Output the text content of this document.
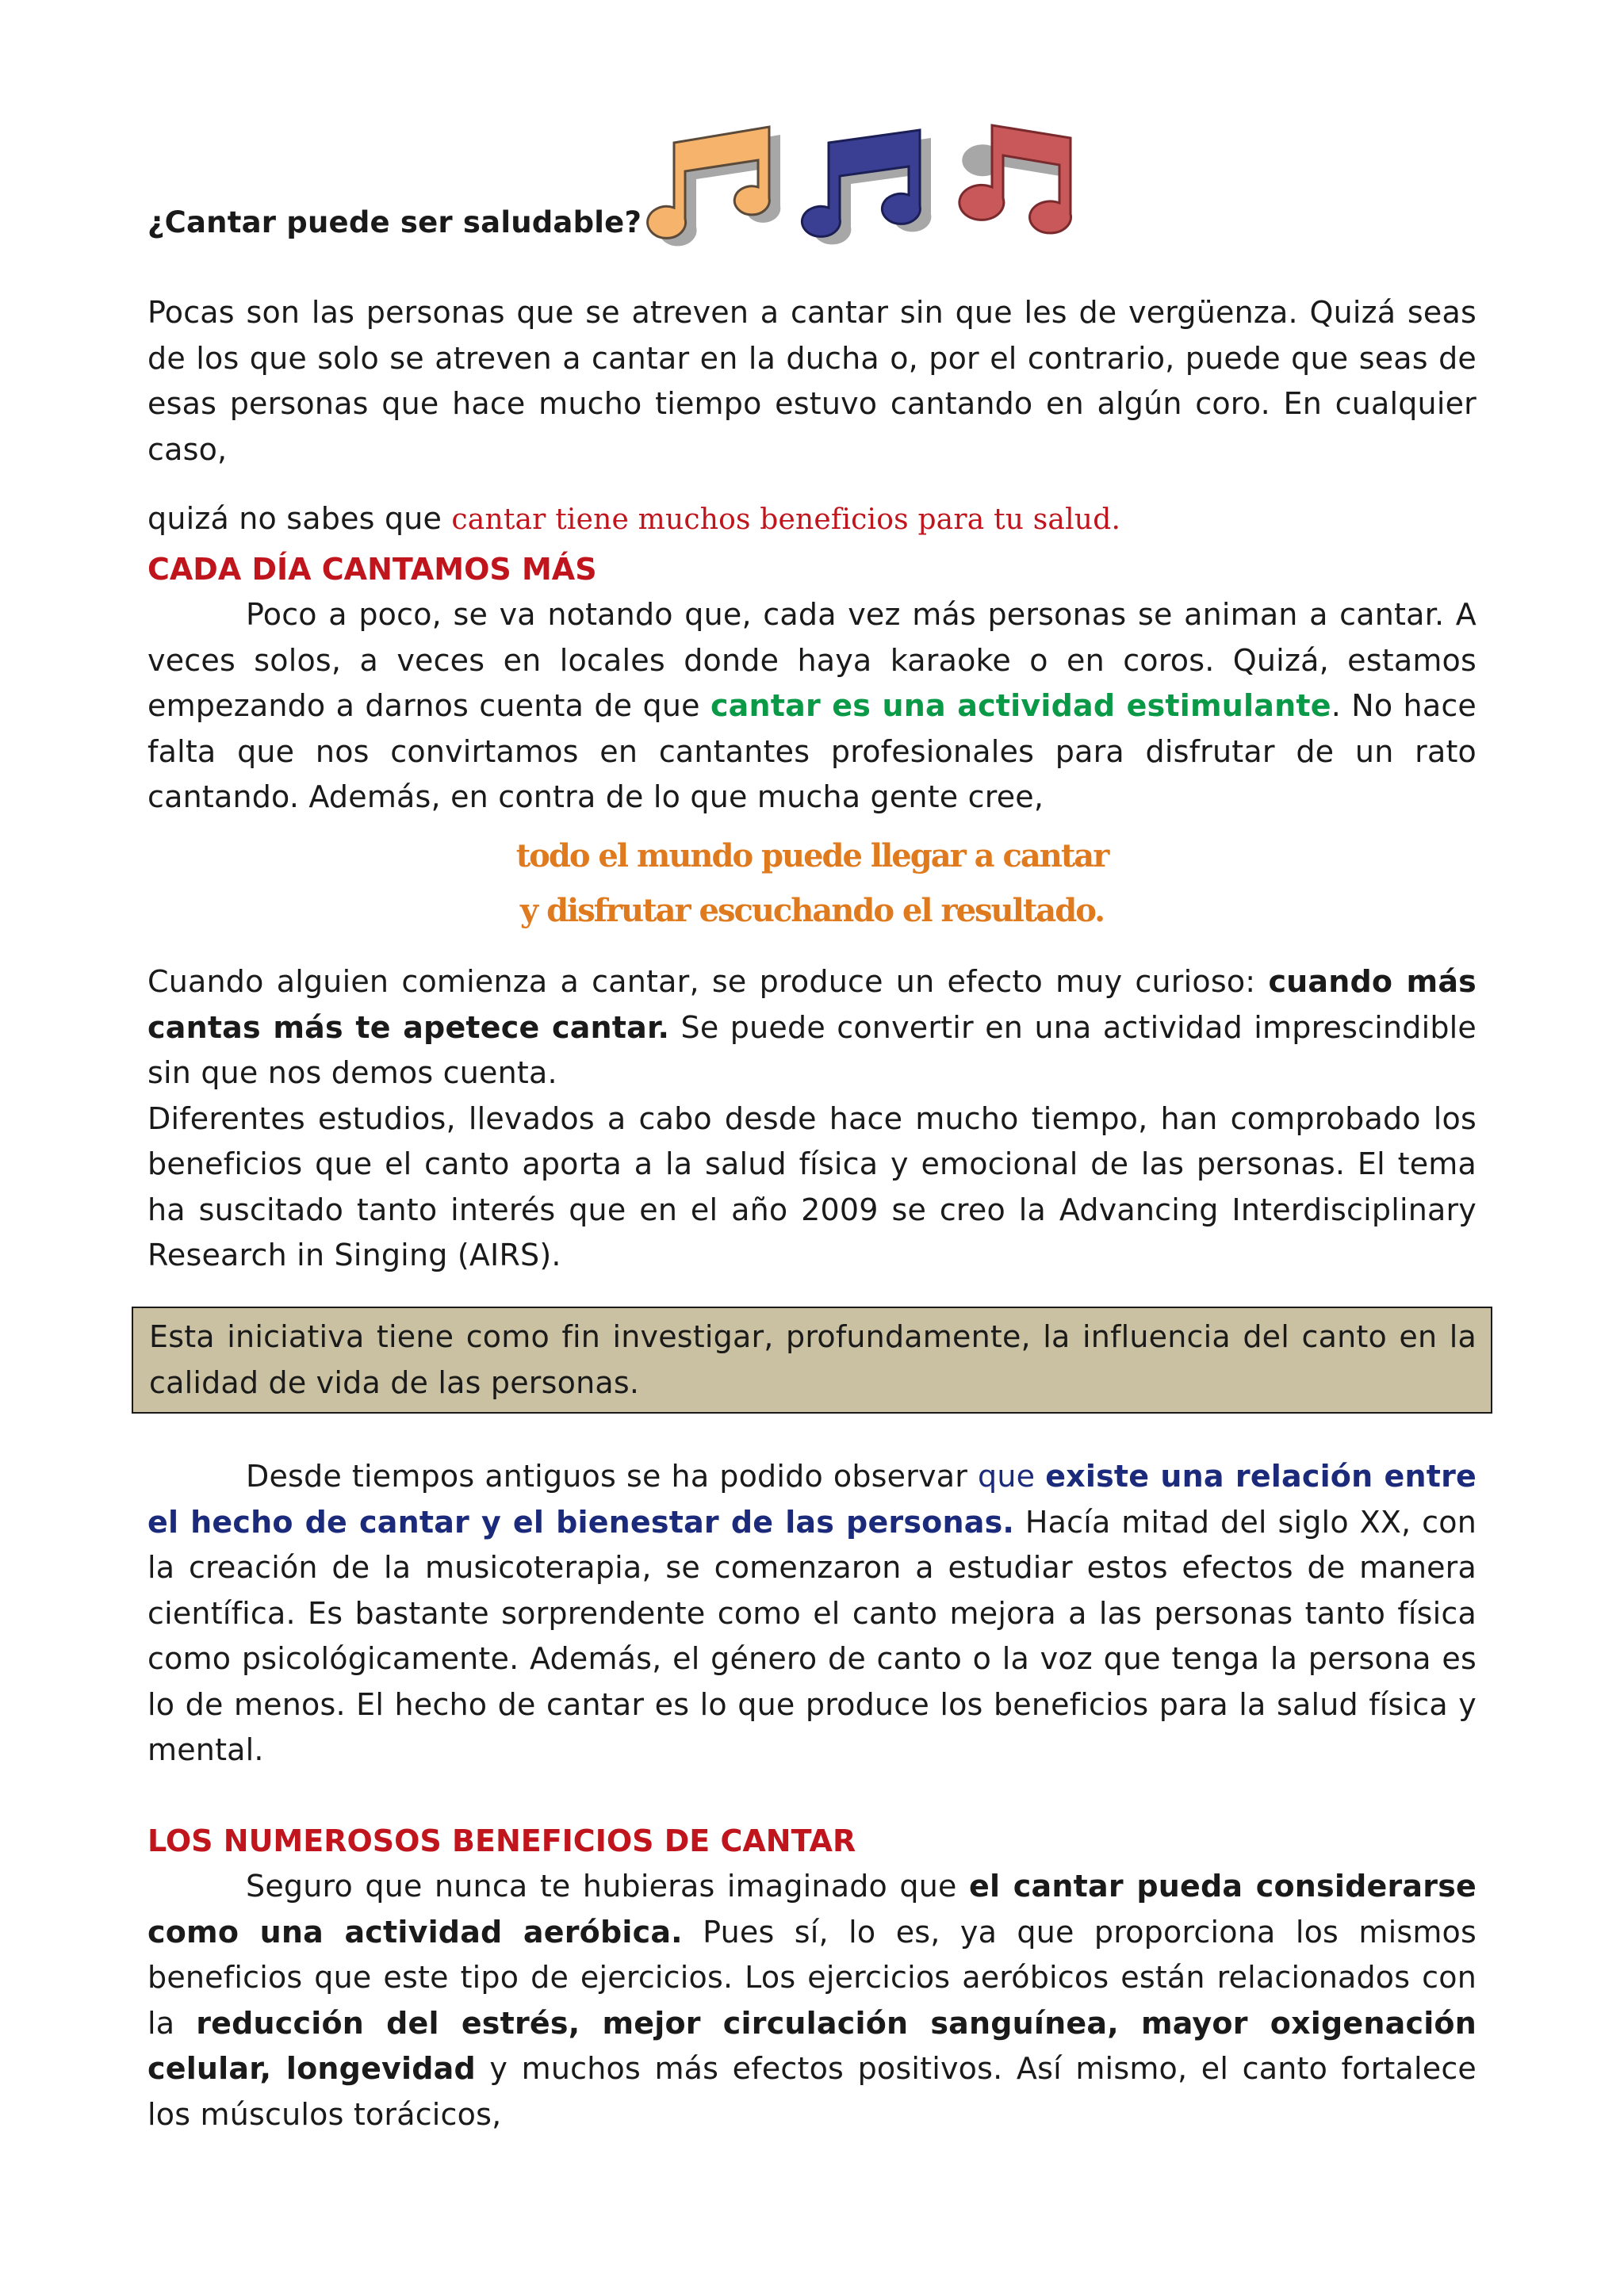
¿Cantar puede ser saludable?

Pocas son las personas que se atreven a cantar sin que les de vergüenza. Quizá seas de los que solo se atreven a cantar en la ducha o, por el contrario, puede que seas de esas personas que hace mucho tiempo estuvo cantando en algún coro. En cualquier caso,

quizá no sabes que cantar tiene muchos beneficios para tu salud.

CADA DÍA CANTAMOS MÁS

Poco a poco, se va notando que, cada vez más personas se animan a cantar. A veces solos, a veces en locales donde haya karaoke o en coros. Quizá, estamos empezando a darnos cuenta de que cantar es una actividad estimulante. No hace falta que nos convirtamos en cantantes profesionales para disfrutar de un rato cantando. Además, en contra de lo que mucha gente cree,

todo el mundo puede llegar a cantar

y disfrutar escuchando el resultado.

Cuando alguien comienza a cantar, se produce un efecto muy curioso: cuando más cantas más te apetece cantar. Se puede convertir en una actividad imprescindible sin que nos demos cuenta.

Diferentes estudios, llevados a cabo desde hace mucho tiempo, han comprobado los beneficios que el canto aporta a la salud física y emocional de las personas. El tema ha suscitado tanto interés que en el año 2009 se creo la Advancing Interdisciplinary Research in Singing (AIRS).

Esta iniciativa tiene como fin investigar, profundamente, la influencia del canto en la calidad de vida de las personas.

Desde tiempos antiguos se ha podido observar que existe una relación entre el hecho de cantar y el bienestar de las personas. Hacía mitad del siglo XX, con la creación de la musicoterapia, se comenzaron a estudiar estos efectos de manera científica. Es bastante sorprendente como el canto mejora a las personas tanto física como psicológicamente. Además, el género de canto o la voz que tenga la persona es lo de menos. El hecho de cantar es lo que produce los beneficios para la salud física y mental.

LOS NUMEROSOS BENEFICIOS DE CANTAR

Seguro que nunca te hubieras imaginado que el cantar pueda considerarse como una actividad aeróbica. Pues sí, lo es, ya que proporciona los mismos beneficios que este tipo de ejercicios. Los ejercicios aeróbicos están relacionados con la reducción del estrés, mejor circulación sanguínea, mayor oxigenación celular, longevidad y muchos más efectos positivos. Así mismo, el canto fortalece los músculos torácicos,
